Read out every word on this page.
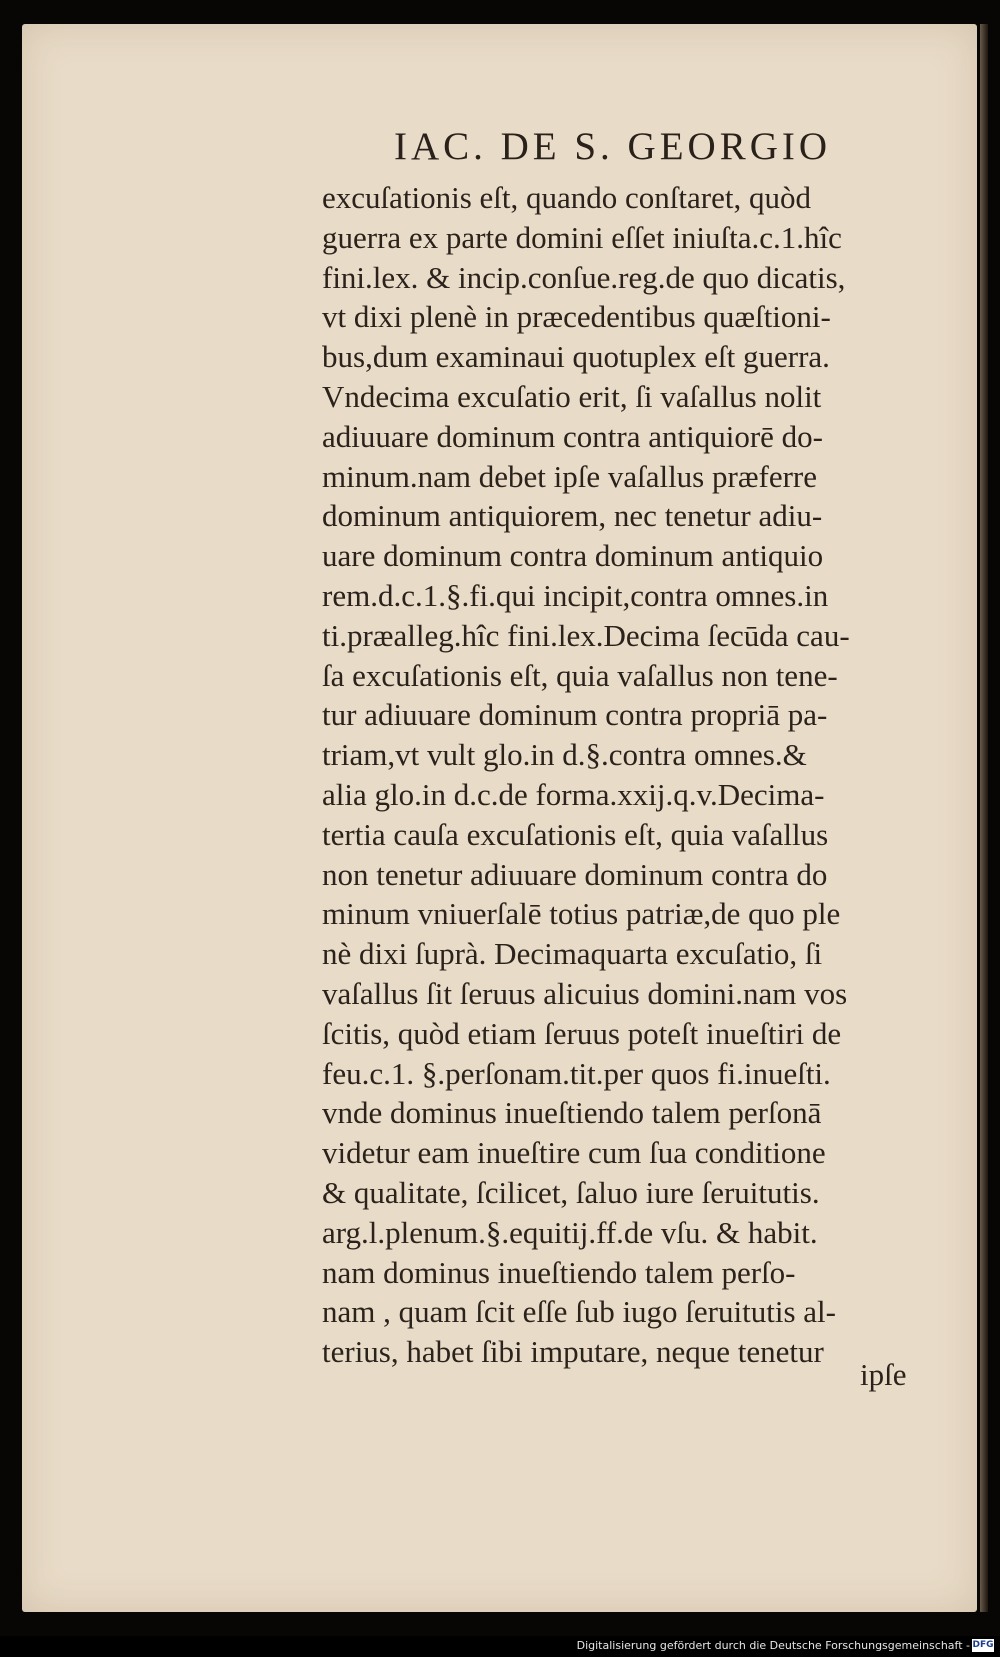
IAC. DE S. GEORGIO
excuſationis eſt, quando conſtaret, quòd
guerra ex parte domini eſſet iniuſta.c.1.hîc
fini.lex. & incip.conſue.reg.de quo dicatis,
vt dixi plenè in præcedentibus quæſtioni-
bus,dum examinaui quotuplex eſt guerra.
Vndecima excuſatio erit, ſi vaſallus nolit
adiuuare dominum contra antiquiorē do-
minum.nam debet ipſe vaſallus præferre
dominum antiquiorem, nec tenetur adiu-
uare dominum contra dominum antiquio
rem.d.c.1.§.fi.qui incipit,contra omnes.in
ti.præalleg.hîc fini.lex.Decima ſecūda cau-
ſa excuſationis eſt, quia vaſallus non tene-
tur adiuuare dominum contra propriā pa-
triam,vt vult glo.in d.§.contra omnes.&
alia glo.in d.c.de forma.xxij.q.v.Decima-
tertia cauſa excuſationis eſt, quia vaſallus
non tenetur adiuuare dominum contra do
minum vniuerſalē totius patriæ,de quo ple
nè dixi ſuprà. Decimaquarta excuſatio, ſi
vaſallus ſit ſeruus alicuius domini.nam vos
ſcitis, quòd etiam ſeruus poteſt inueſtiri de
feu.c.1. §.perſonam.tit.per quos fi.inueſti.
vnde dominus inueſtiendo talem perſonā
videtur eam inueſtire cum ſua conditione
& qualitate, ſcilicet, ſaluo iure ſeruitutis.
arg.l.plenum.§.equitij.ff.de vſu. & habit.
nam dominus inueſtiendo talem perſo-
nam , quam ſcit eſſe ſub iugo ſeruitutis al-
terius, habet ſibi imputare, neque tenetur
ipſe
Digitalisierung gefördert durch die Deutsche Forschungsgemeinschaft - DFG
